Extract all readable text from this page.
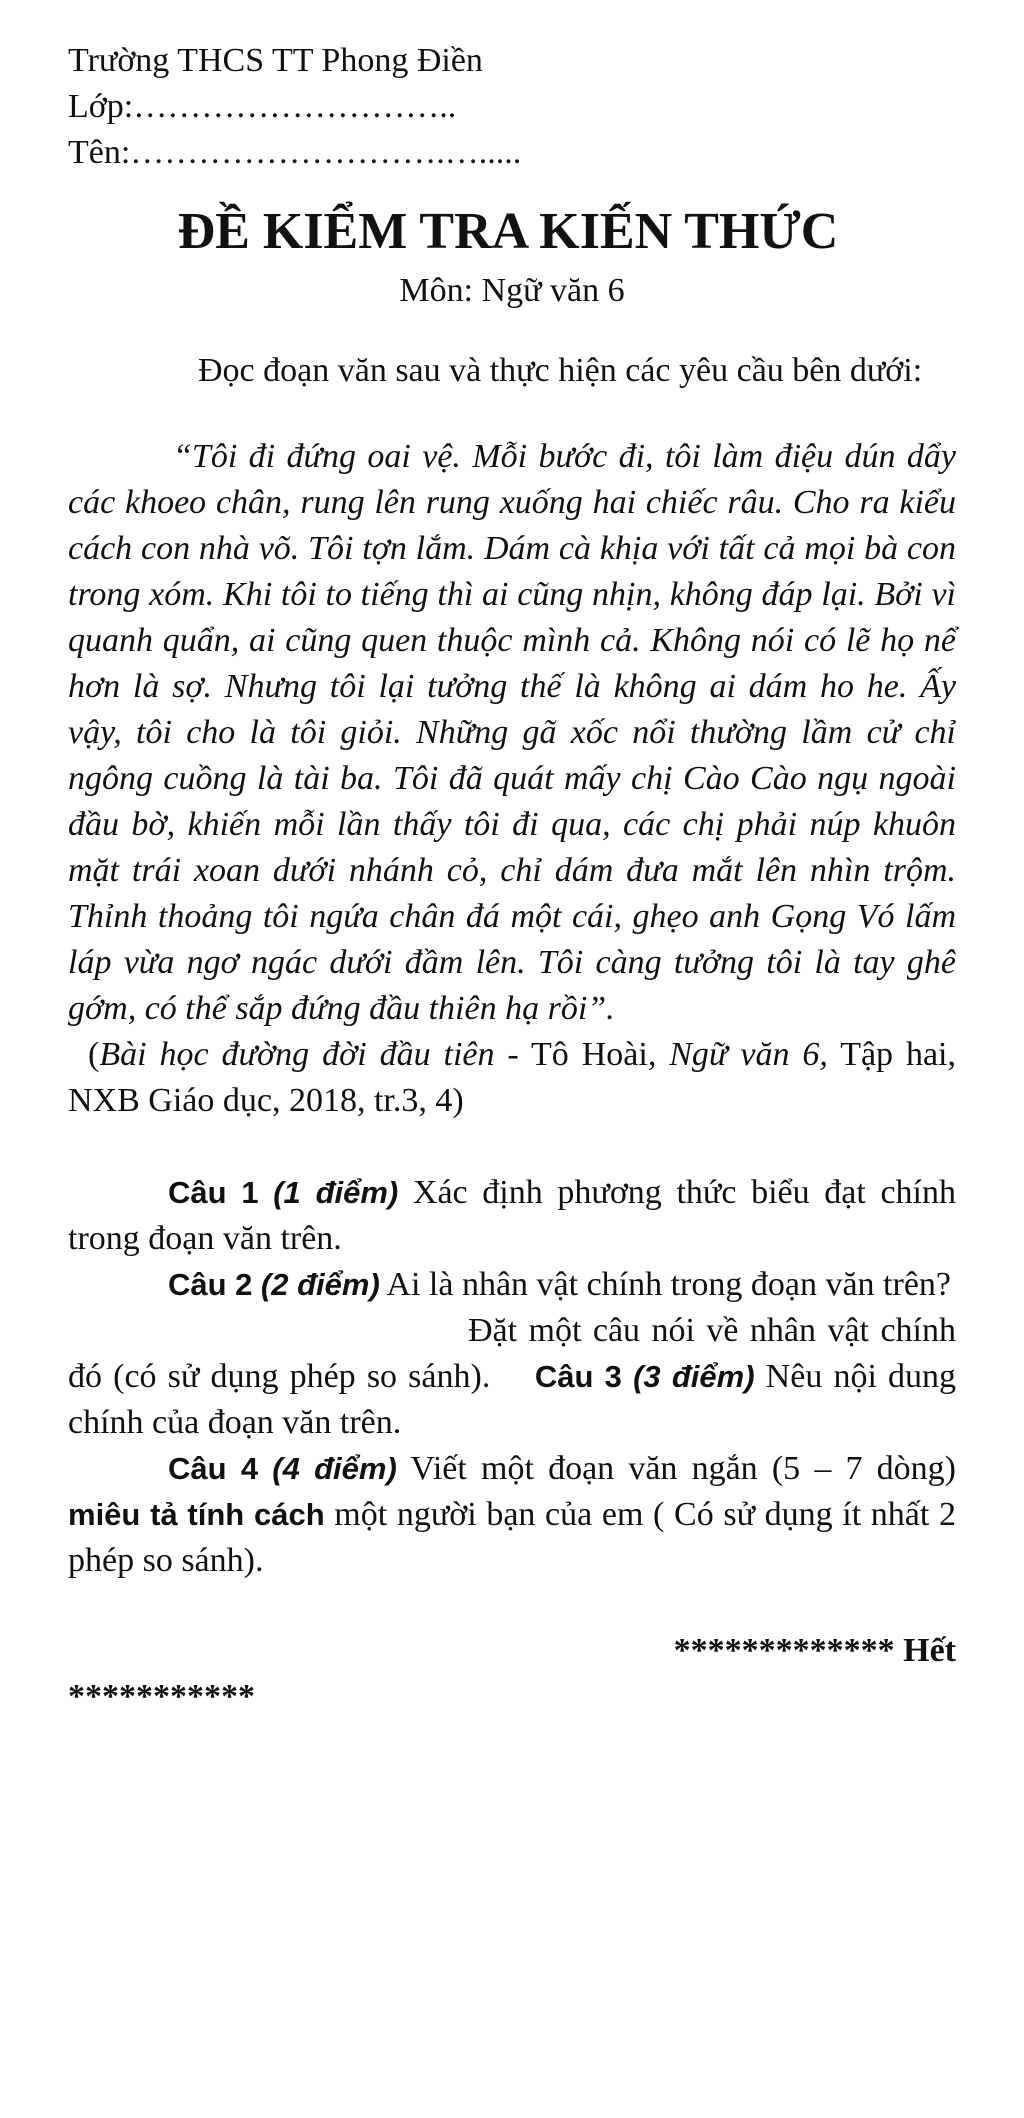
Trường THCS TT Phong Điền
Lớp:………………………..
Tên:……………………….….....
ĐỀ KIỂM TRA KIẾN THỨC
Môn: Ngữ văn 6

Đọc đoạn văn sau và thực hiện các yêu cầu bên dưới:

“Tôi đi đứng oai vệ. Mỗi bước đi, tôi làm điệu dún dẩy các khoeo chân, rung lên rung xuống hai chiếc râu. Cho ra kiểu cách con nhà võ. Tôi tợn lắm. Dám cà khịa với tất cả mọi bà con trong xóm. Khi tôi to tiếng thì ai cũng nhịn, không đáp lại. Bởi vì quanh quẩn, ai cũng quen thuộc mình cả. Không nói có lẽ họ nể hơn là sợ. Nhưng tôi lại tưởng thế là không ai dám ho he. Ấy vậy, tôi cho là tôi giỏi. Những gã xốc nổi thường lầm cử chỉ ngông cuồng là tài ba. Tôi đã quát mấy chị Cào Cào ngụ ngoài đầu bờ, khiến mỗi lần thấy tôi đi qua, các chị phải núp khuôn mặt trái xoan dưới nhánh cỏ, chỉ dám đưa mắt lên nhìn trộm. Thỉnh thoảng tôi ngứa chân đá một cái, ghẹo anh Gọng Vó lấm láp vừa ngơ ngác dưới đầm lên. Tôi càng tưởng tôi là tay ghê gớm, có thể sắp đứng đầu thiên hạ rồi”.

(Bài học đường đời đầu tiên - Tô Hoài, Ngữ văn 6, Tập hai, NXB Giáo dục, 2018, tr.3, 4)

Câu 1 (1 điểm) Xác định phương thức biểu đạt chính trong đoạn văn trên.

Câu 2 (2 điểm) Ai là nhân vật chính trong đoạn văn trên?

Đặt một câu nói về nhân vật chính đó (có sử dụng phép so sánh). Câu 3 (3 điểm) Nêu nội dung chính của đoạn văn trên.

Câu 4 (4 điểm) Viết một đoạn văn ngắn (5 – 7 dòng) miêu tả tính cách một người bạn của em ( Có sử dụng ít nhất 2 phép so sánh).

************* Hết
***********
